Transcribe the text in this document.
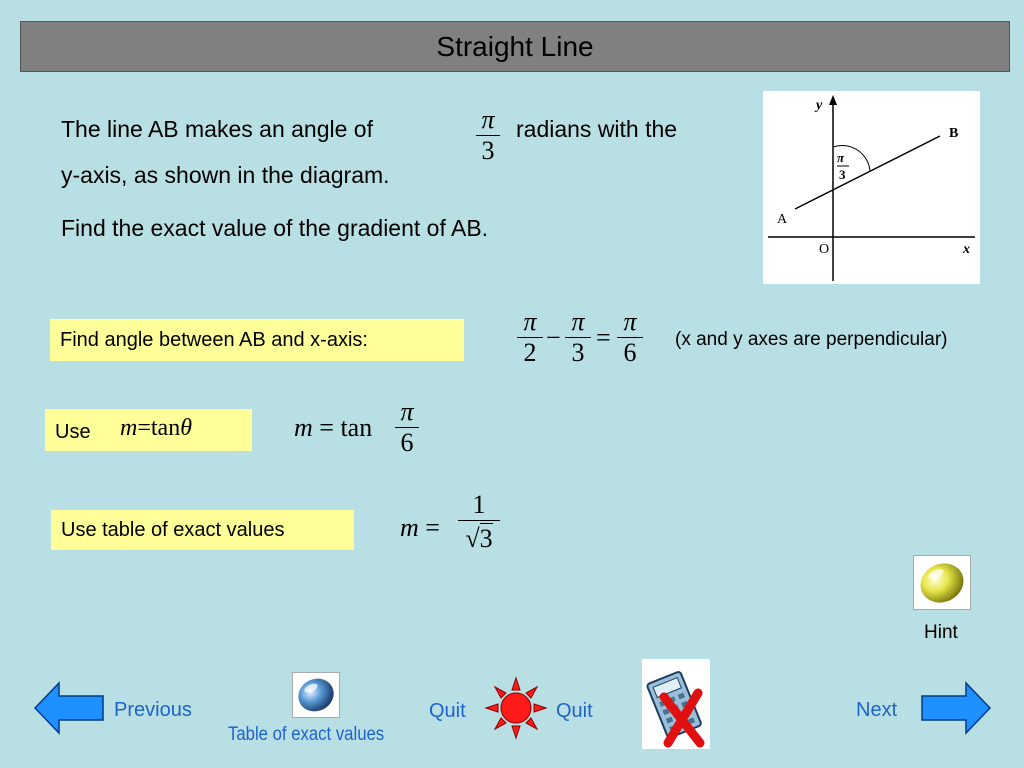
Straight Line
The line AB makes an angle of	π
3
radians with the
y-axis, as shown in the diagram.
Find the exact value of the gradient of AB.
y
x
O
A
B
π
3
Find angle between AB and x-axis:
π
2
−
π
3
=
π
6	(x and y axes are perpendicular)
Use m=tanθ	m = tan
π
6
Use table of exact values	m =
1
√3
Hint
Previous
Table of exact values
Quit	Quit	Next
